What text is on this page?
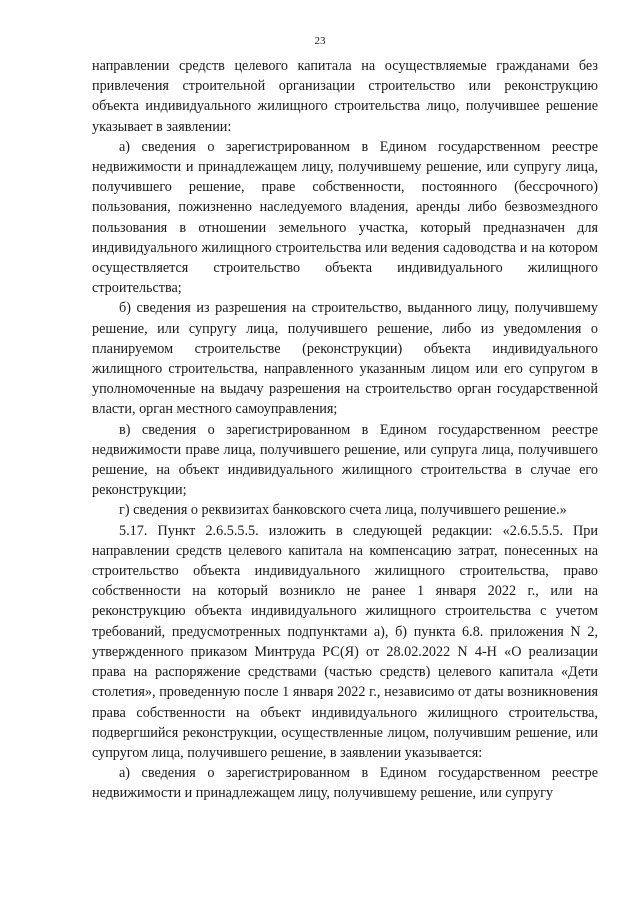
23

направлении средств целевого капитала на осуществляемые гражданами без привлечения строительной организации строительство или реконструкцию объекта индивидуального жилищного строительства лицо, получившее решение указывает в заявлении:

а) сведения о зарегистрированном в Едином государственном реестре недвижимости и принадлежащем лицу, получившему решение, или супругу лица, получившего решение, праве собственности, постоянного (бессрочного) пользования, пожизненно наследуемого владения, аренды либо безвозмездного пользования в отношении земельного участка, который предназначен для индивидуального жилищного строительства или ведения садоводства и на котором осуществляется строительство объекта индивидуального жилищного строительства;

б) сведения из разрешения на строительство, выданного лицу, получившему решение, или супругу лица, получившего решение, либо из уведомления о планируемом строительстве (реконструкции) объекта индивидуального жилищного строительства, направленного указанным лицом или его супругом в уполномоченные на выдачу разрешения на строительство орган государственной власти, орган местного самоуправления;

в) сведения о зарегистрированном в Едином государственном реестре недвижимости праве лица, получившего решение, или супруга лица, получившего решение, на объект индивидуального жилищного строительства в случае его реконструкции;

г) сведения о реквизитах банковского счета лица, получившего решение.»

5.17. Пункт 2.6.5.5.5. изложить в следующей редакции: «2.6.5.5.5. При направлении средств целевого капитала на компенсацию затрат, понесенных на строительство объекта индивидуального жилищного строительства, право собственности на который возникло не ранее 1 января 2022 г., или на реконструкцию объекта индивидуального жилищного строительства с учетом требований, предусмотренных подпунктами а), б) пункта 6.8. приложения N 2, утвержденного приказом Минтруда РС(Я) от 28.02.2022 N 4-Н «О реализации права на распоряжение средствами (частью средств) целевого капитала «Дети столетия», проведенную после 1 января 2022 г., независимо от даты возникновения права собственности на объект индивидуального жилищного строительства, подвергшийся реконструкции, осуществленные лицом, получившим решение, или супругом лица, получившего решение, в заявлении указывается:

а) сведения о зарегистрированном в Едином государственном реестре недвижимости и принадлежащем лицу, получившему решение, или супругу
